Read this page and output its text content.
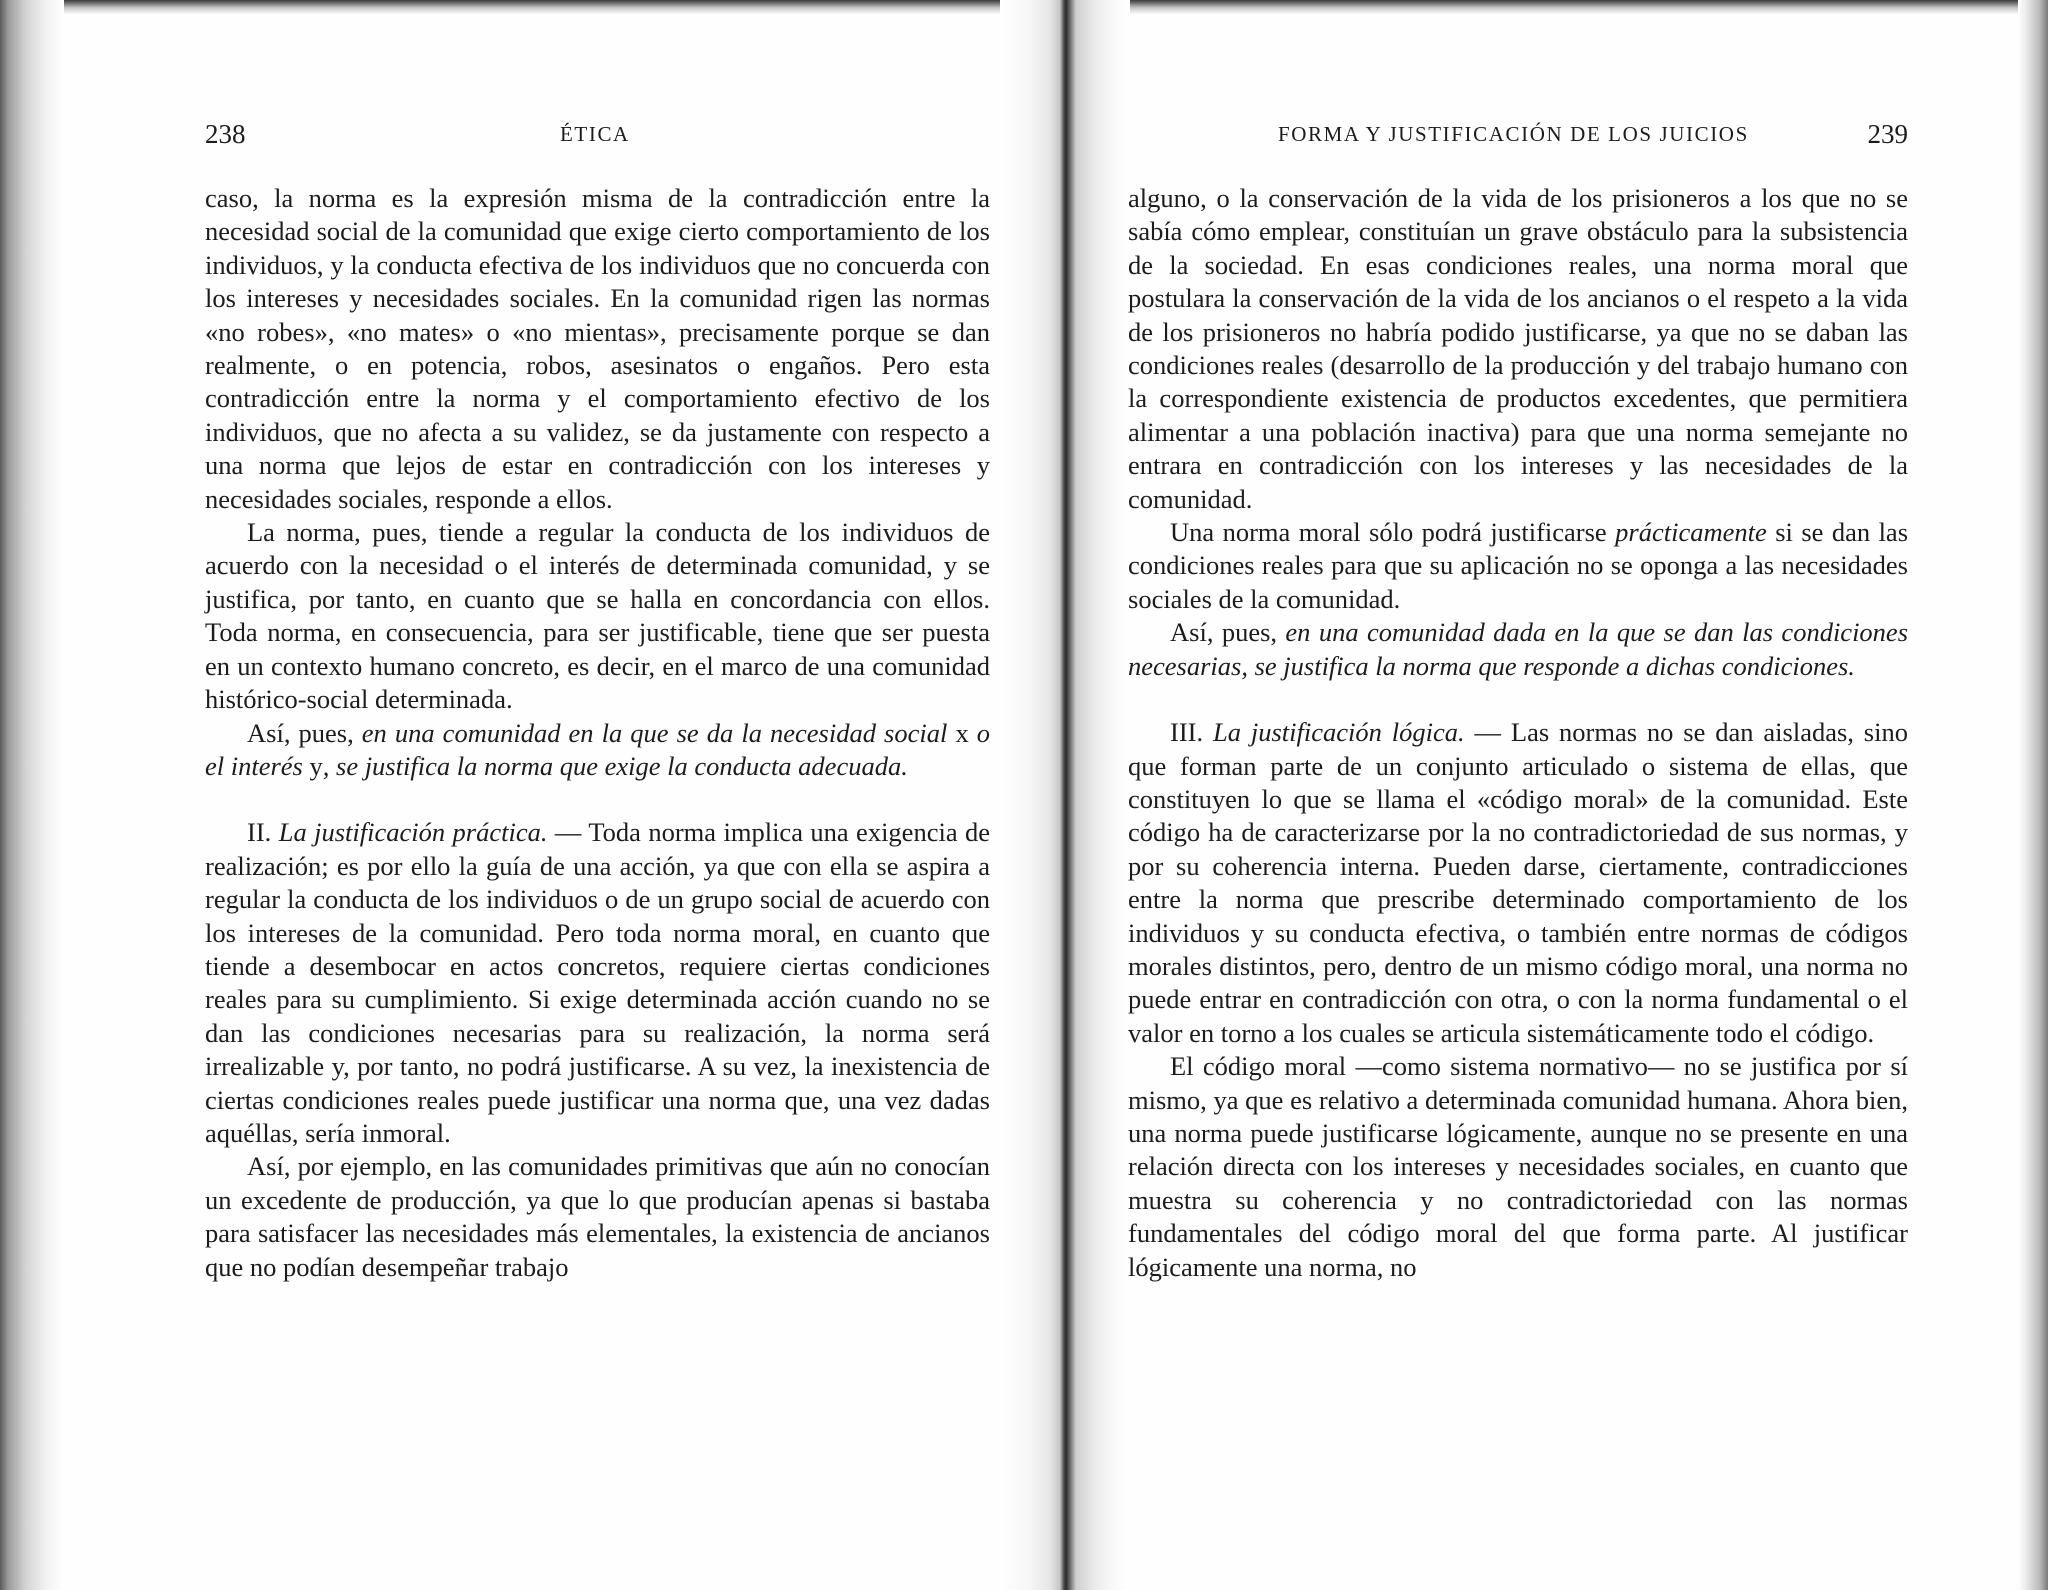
238	ÉTICA

caso, la norma es la expresión misma de la contradicción entre la necesidad social de la comunidad que exige cierto comportamiento de los individuos, y la conducta efectiva de los individuos que no concuerda con los intereses y necesidades sociales. En la comunidad rigen las normas «no robes», «no mates» o «no mientas», precisamente porque se dan realmente, o en potencia, robos, asesinatos o engaños. Pero esta contradicción entre la norma y el comportamiento efectivo de los individuos, que no afecta a su validez, se da justamente con respecto a una norma que lejos de estar en contradicción con los intereses y necesidades sociales, responde a ellos.

La norma, pues, tiende a regular la conducta de los individuos de acuerdo con la necesidad o el interés de determinada comunidad, y se justifica, por tanto, en cuanto que se halla en concordancia con ellos. Toda norma, en consecuencia, para ser justificable, tiene que ser puesta en un contexto humano concreto, es decir, en el marco de una comunidad histórico-social determinada.

Así, pues, en una comunidad en la que se da la necesidad social x o el interés y, se justifica la norma que exige la conducta adecuada.

II. La justificación práctica. — Toda norma implica una exigencia de realización; es por ello la guía de una acción, ya que con ella se aspira a regular la conducta de los individuos o de un grupo social de acuerdo con los intereses de la comunidad. Pero toda norma moral, en cuanto que tiende a desembocar en actos concretos, requiere ciertas condiciones reales para su cumplimiento. Si exige determinada acción cuando no se dan las condiciones necesarias para su realización, la norma será irrealizable y, por tanto, no podrá justificarse. A su vez, la inexistencia de ciertas condiciones reales puede justificar una norma que, una vez dadas aquéllas, sería inmoral.

Así, por ejemplo, en las comunidades primitivas que aún no conocían un excedente de producción, ya que lo que producían apenas si bastaba para satisfacer las necesidades más elementales, la existencia de ancianos que no podían desempeñar trabajo

FORMA Y JUSTIFICACIÓN DE LOS JUICIOS	239

alguno, o la conservación de la vida de los prisioneros a los que no se sabía cómo emplear, constituían un grave obstáculo para la subsistencia de la sociedad. En esas condiciones reales, una norma moral que postulara la conservación de la vida de los ancianos o el respeto a la vida de los prisioneros no habría podido justificarse, ya que no se daban las condiciones reales (desarrollo de la producción y del trabajo humano con la correspondiente existencia de productos excedentes, que permitiera alimentar a una población inactiva) para que una norma semejante no entrara en contradicción con los intereses y las necesidades de la comunidad.

Una norma moral sólo podrá justificarse prácticamente si se dan las condiciones reales para que su aplicación no se oponga a las necesidades sociales de la comunidad.

Así, pues, en una comunidad dada en la que se dan las condiciones necesarias, se justifica la norma que responde a dichas condiciones.

III. La justificación lógica. — Las normas no se dan aisladas, sino que forman parte de un conjunto articulado o sistema de ellas, que constituyen lo que se llama el «código moral» de la comunidad. Este código ha de caracterizarse por la no contradictoriedad de sus normas, y por su coherencia interna. Pueden darse, ciertamente, contradicciones entre la norma que prescribe determinado comportamiento de los individuos y su conducta efectiva, o también entre normas de códigos morales distintos, pero, dentro de un mismo código moral, una norma no puede entrar en contradicción con otra, o con la norma fundamental o el valor en torno a los cuales se articula sistemáticamente todo el código.

El código moral —como sistema normativo— no se justifica por sí mismo, ya que es relativo a determinada comunidad humana. Ahora bien, una norma puede justificarse lógicamente, aunque no se presente en una relación directa con los intereses y necesidades sociales, en cuanto que muestra su coherencia y no contradictoriedad con las normas fundamentales del código moral del que forma parte. Al justificar lógicamente una norma, no
